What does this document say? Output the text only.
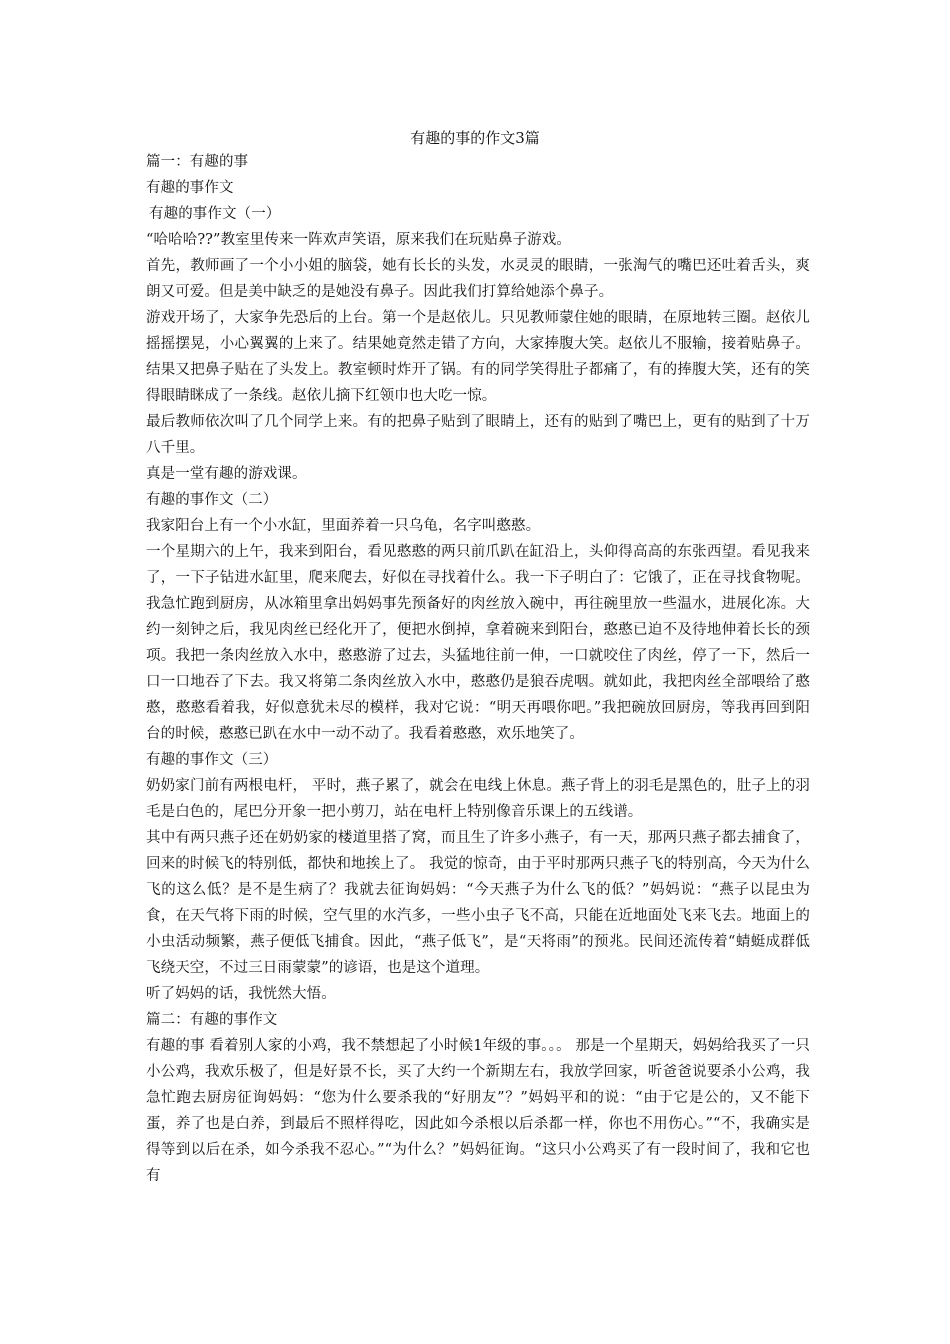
有趣的事的作文3篇

篇一：有趣的事

有趣的事作文

有趣的事作文（一）

“哈哈哈??”教室里传来一阵欢声笑语，原来我们在玩贴鼻子游戏。

首先，教师画了一个小小姐的脑袋，她有长长的头发，水灵灵的眼睛，一张淘气的嘴巴还吐着舌头，爽朗又可爱。但是美中缺乏的是她没有鼻子。因此我们打算给她添个鼻子。

游戏开场了，大家争先恐后的上台。第一个是赵依儿。只见教师蒙住她的眼睛，在原地转三圈。赵依儿摇摇摆晃，小心翼翼的上来了。结果她竟然走错了方向，大家捧腹大笑。赵依儿不服输，接着贴鼻子。结果又把鼻子贴在了头发上。教室顿时炸开了锅。有的同学笑得肚子都痛了，有的捧腹大笑，还有的笑得眼睛眯成了一条线。赵依儿摘下红领巾也大吃一惊。

最后教师依次叫了几个同学上来。有的把鼻子贴到了眼睛上，还有的贴到了嘴巴上，更有的贴到了十万八千里。

真是一堂有趣的游戏课。

有趣的事作文（二）

我家阳台上有一个小水缸，里面养着一只乌龟，名字叫憨憨。

一个星期六的上午，我来到阳台，看见憨憨的两只前爪趴在缸沿上，头仰得高高的东张西望。看见我来了，一下子钻进水缸里，爬来爬去，好似在寻找着什么。我一下子明白了：它饿了，正在寻找食物呢。我急忙跑到厨房，从冰箱里拿出妈妈事先预备好的肉丝放入碗中，再往碗里放一些温水，进展化冻。大约一刻钟之后，我见肉丝已经化开了，便把水倒掉，拿着碗来到阳台，憨憨已迫不及待地伸着长长的颈项。我把一条肉丝放入水中，憨憨游了过去，头猛地往前一伸，一口就咬住了肉丝，停了一下，然后一口一口地吞了下去。我又将第二条肉丝放入水中，憨憨仍是狼吞虎咽。就如此，我把肉丝全部喂给了憨憨，憨憨看着我，好似意犹未尽的模样，我对它说：“明天再喂你吧。”我把碗放回厨房，等我再回到阳台的时候，憨憨已趴在水中一动不动了。我看着憨憨，欢乐地笑了。

有趣的事作文（三）

奶奶家门前有两根电杆， 平时，燕子累了，就会在电线上休息。燕子背上的羽毛是黑色的，肚子上的羽毛是白色的，尾巴分开象一把小剪刀，站在电杆上特别像音乐课上的五线谱。

其中有两只燕子还在奶奶家的楼道里搭了窝，而且生了许多小燕子，有一天，那两只燕子都去捕食了，回来的时候飞的特别低，都快和地挨上了。 我觉的惊奇，由于平时那两只燕子飞的特别高，今天为什么飞的这么低？是不是生病了？我就去征询妈妈：“今天燕子为什么飞的低？”妈妈说：“燕子以昆虫为食，在天气将下雨的时候，空气里的水汽多，一些小虫子飞不高，只能在近地面处飞来飞去。地面上的小虫活动频繁，燕子便低飞捕食。因此，“燕子低飞”，是“天将雨”的预兆。民间还流传着“蜻蜓成群低飞绕天空，不过三日雨蒙蒙”的谚语，也是这个道理。

听了妈妈的话，我恍然大悟。

篇二：有趣的事作文

有趣的事 看着别人家的小鸡，我不禁想起了小时候1年级的事。。。 那是一个星期天，妈妈给我买了一只小公鸡，我欢乐极了，但是好景不长，买了大约一个新期左右，我放学回家，听爸爸说要杀小公鸡，我急忙跑去厨房征询妈妈：“您为什么要杀我的“好朋友”？”妈妈平和的说：“由于它是公的，又不能下蛋，养了也是白养，到最后不照样得吃，因此如今杀根以后杀都一样，你也不用伤心。”“不，我确实是得等到以后在杀，如今杀我不忍心。”“为什么？”妈妈征询。“这只小公鸡买了有一段时间了，我和它也有
